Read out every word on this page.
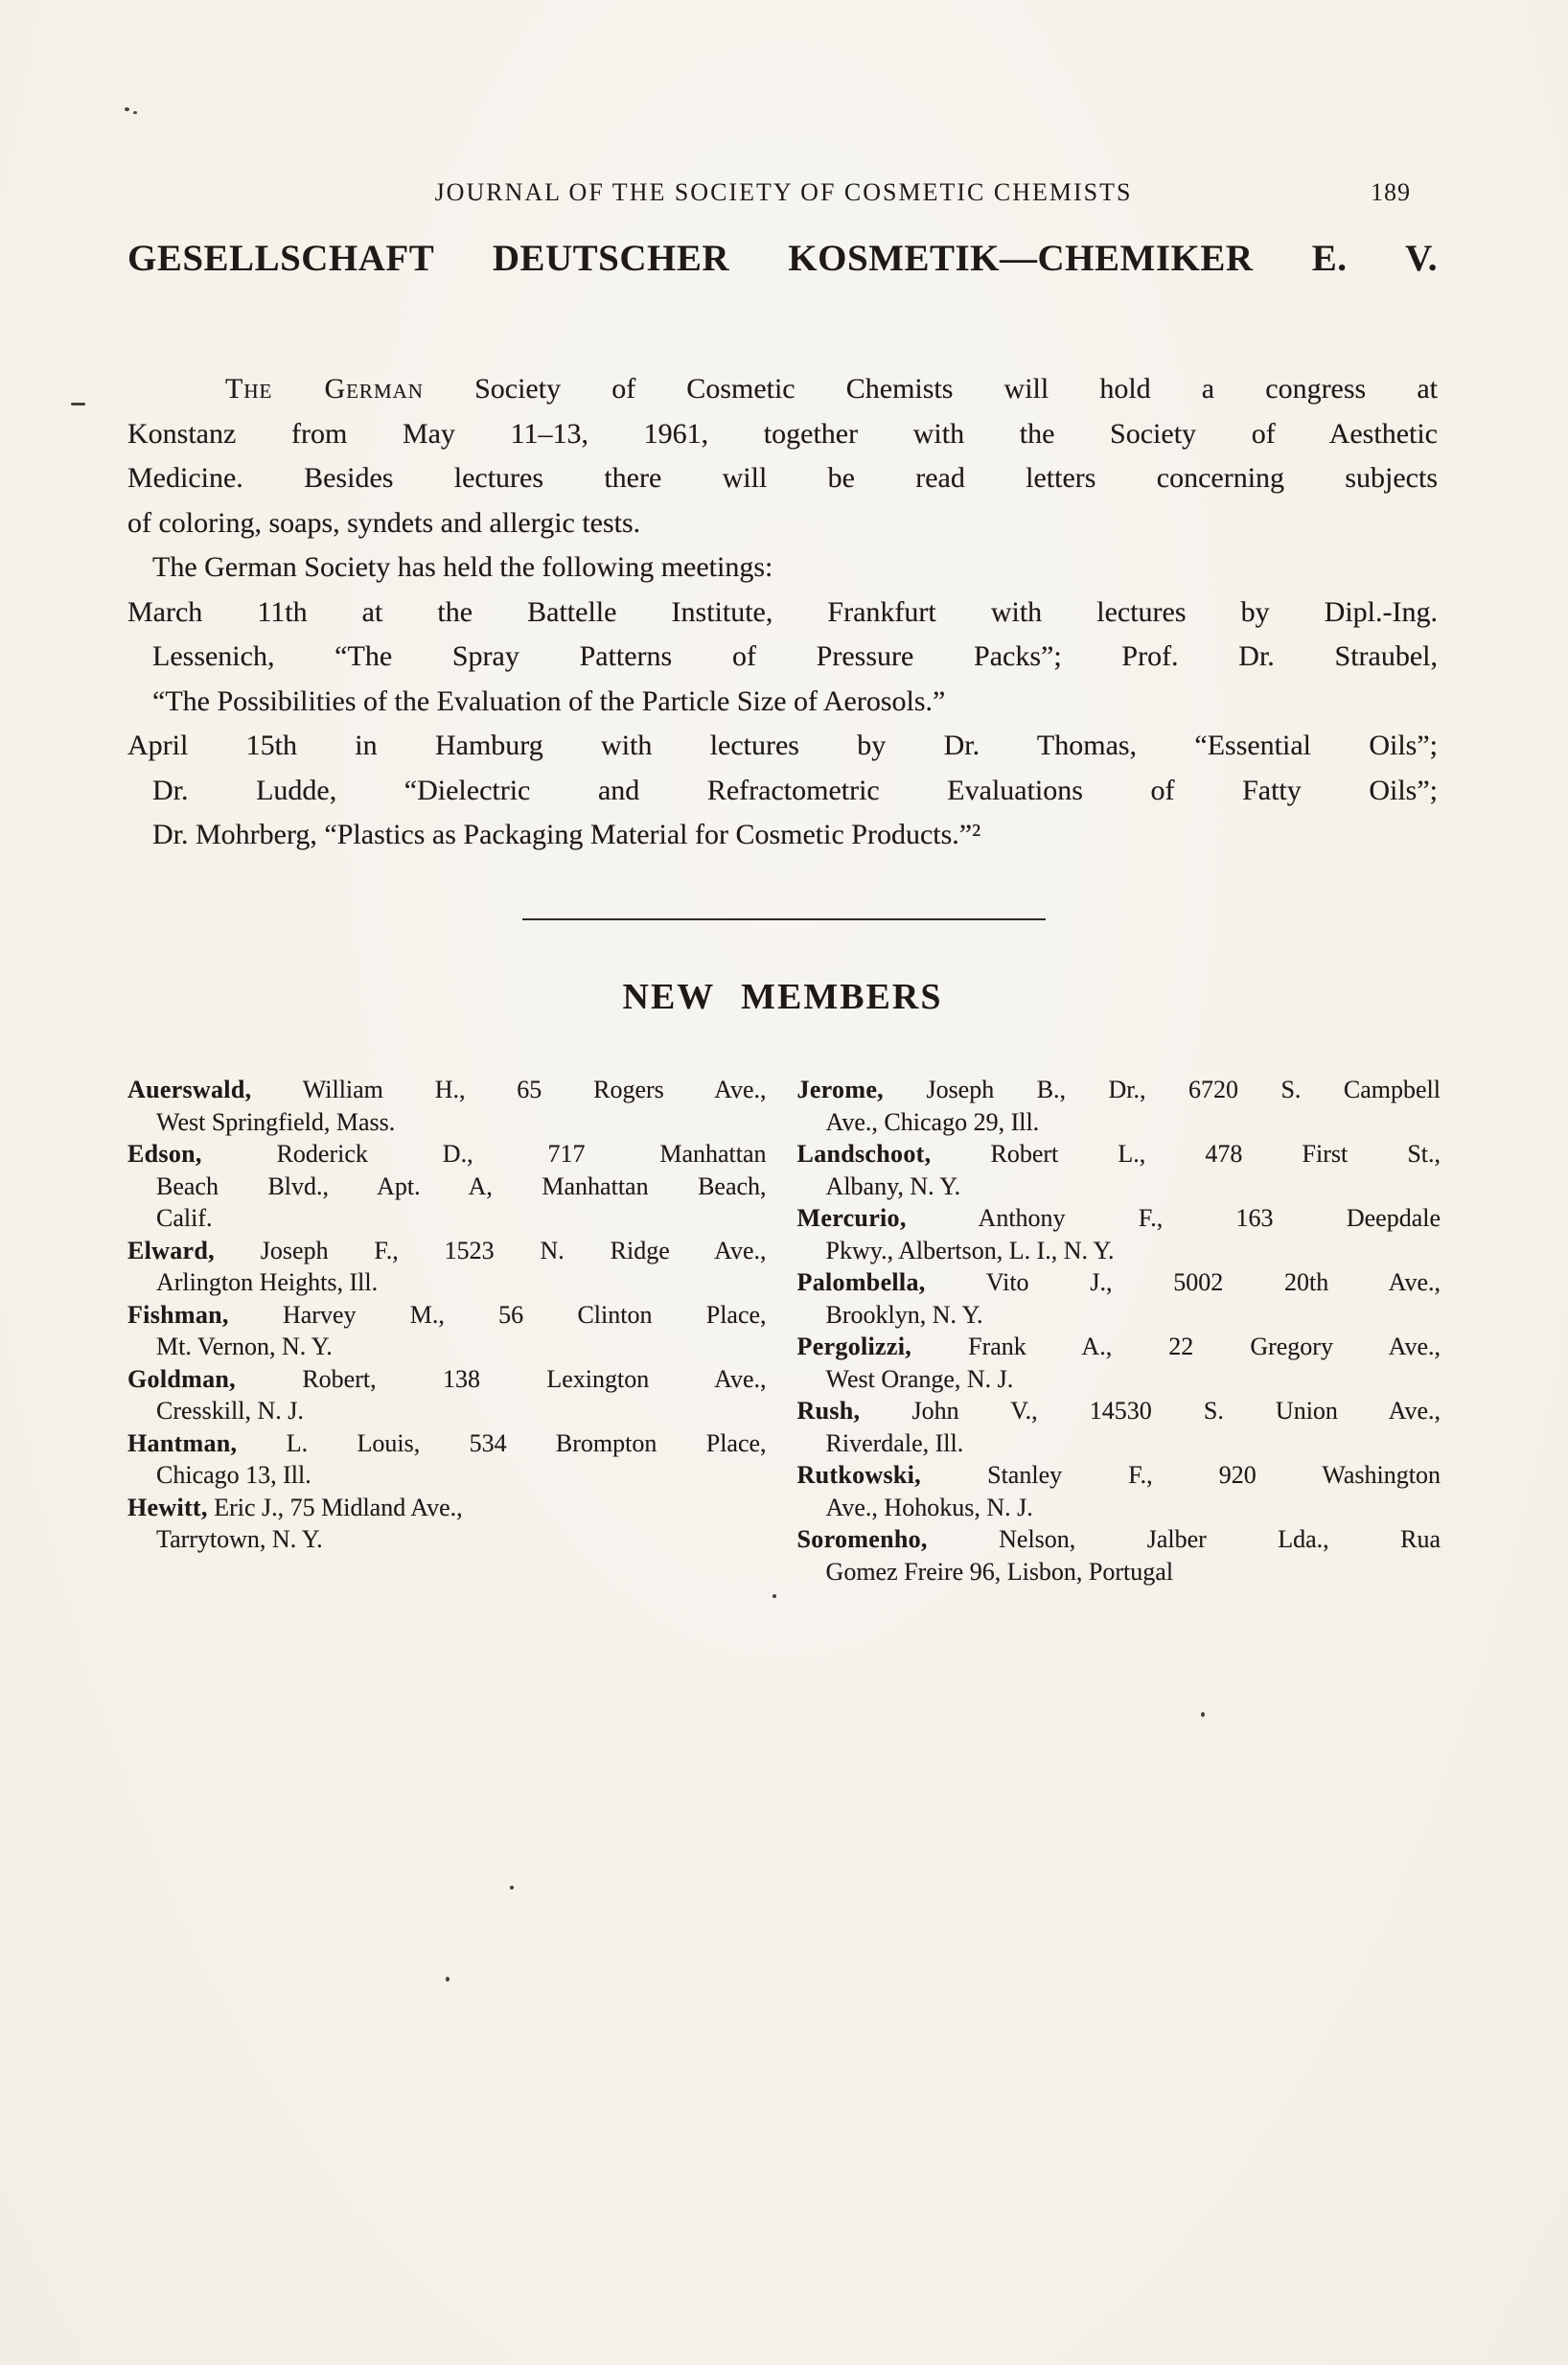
JOURNAL OF THE SOCIETY OF COSMETIC CHEMISTS	189
GESELLSCHAFT DEUTSCHER KOSMETIK—CHEMIKER E. V.
The German Society of Cosmetic Chemists will hold a congress at
Konstanz from May 11–13, 1961, together with the Society of Aesthetic
Medicine. Besides lectures there will be read letters concerning subjects
of coloring, soaps, syndets and allergic tests.
The German Society has held the following meetings:
March 11th at the Battelle Institute, Frankfurt with lectures by Dipl.-Ing.
Lessenich, “The Spray Patterns of Pressure Packs”; Prof. Dr. Straubel,
“The Possibilities of the Evaluation of the Particle Size of Aerosols.”
April 15th in Hamburg with lectures by Dr. Thomas, “Essential Oils”;
Dr. Ludde, “Dielectric and Refractometric Evaluations of Fatty Oils”;
Dr. Mohrberg, “Plastics as Packaging Material for Cosmetic Products.”²
NEW MEMBERS

Auerswald, William H., 65 Rogers Ave.,
West Springfield, Mass.

Edson, Roderick D., 717 Manhattan
Beach Blvd., Apt. A, Manhattan Beach,
Calif.

Elward, Joseph F., 1523 N. Ridge Ave.,
Arlington Heights, Ill.

Fishman, Harvey M., 56 Clinton Place,
Mt. Vernon, N. Y.

Goldman, Robert, 138 Lexington Ave.,
Cresskill, N. J.

Hantman, L. Louis, 534 Brompton Place,
Chicago 13, Ill.

Hewitt, Eric J., 75 Midland Ave.,
Tarrytown, N. Y.

Jerome, Joseph B., Dr., 6720 S. Campbell
Ave., Chicago 29, Ill.

Landschoot, Robert L., 478 First St.,
Albany, N. Y.

Mercurio, Anthony F., 163 Deepdale
Pkwy., Albertson, L. I., N. Y.

Palombella, Vito J., 5002 20th Ave.,
Brooklyn, N. Y.

Pergolizzi, Frank A., 22 Gregory Ave.,
West Orange, N. J.

Rush, John V., 14530 S. Union Ave.,
Riverdale, Ill.

Rutkowski, Stanley F., 920 Washington
Ave., Hohokus, N. J.

Soromenho, Nelson, Jalber Lda., Rua
Gomez Freire 96, Lisbon, Portugal
